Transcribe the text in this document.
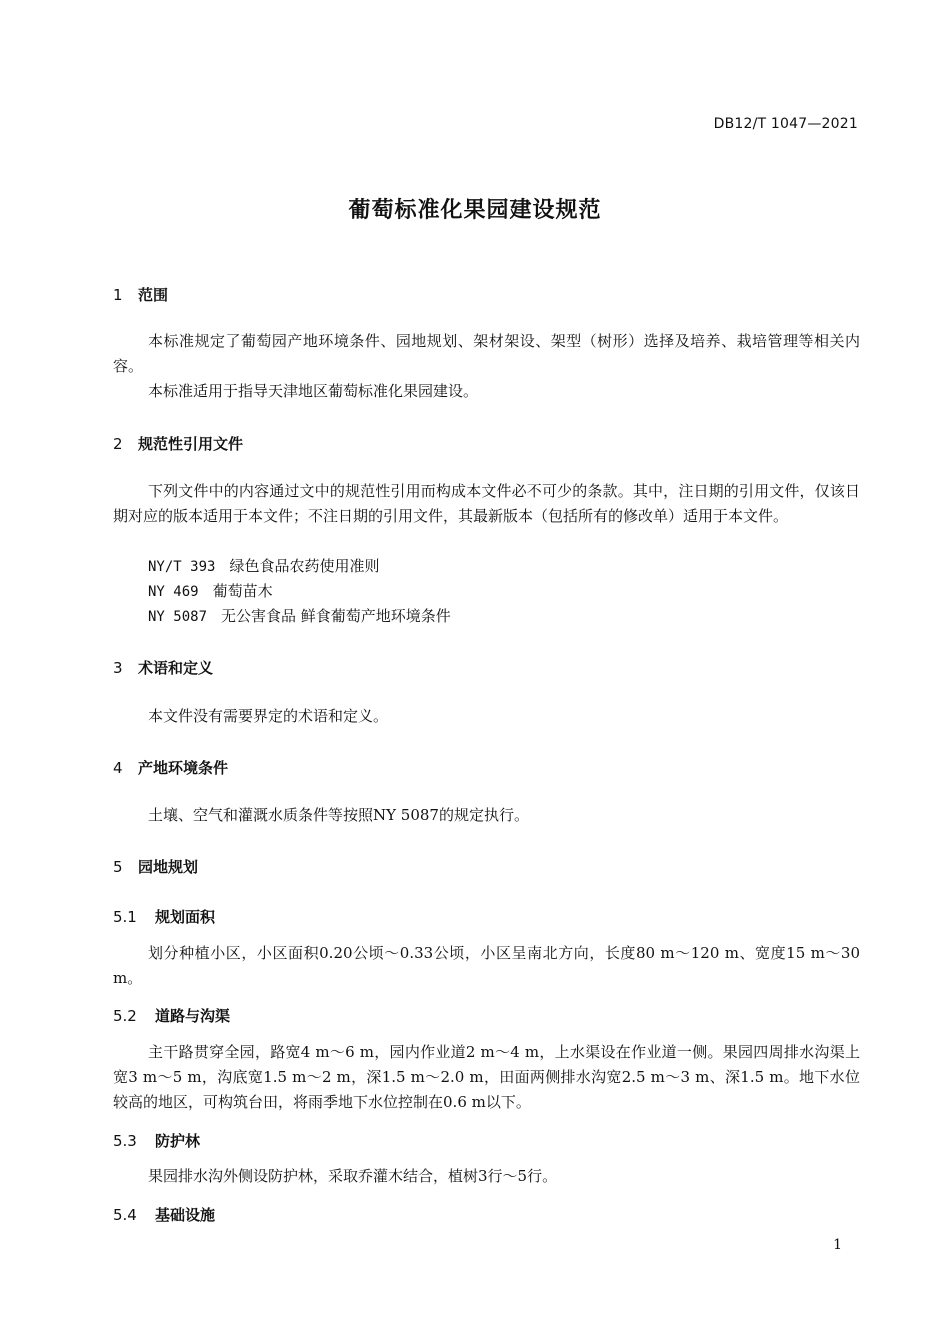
DB12/T 1047—2021
葡萄标准化果园建设规范
1 范围
本标准规定了葡萄园产地环境条件、园地规划、架材架设、架型（树形）选择及培养、栽培管理等相关内容。
本标准适用于指导天津地区葡萄标准化果园建设。
2 规范性引用文件
下列文件中的内容通过文中的规范性引用而构成本文件必不可少的条款。其中，注日期的引用文件，仅该日期对应的版本适用于本文件；不注日期的引用文件，其最新版本（包括所有的修改单）适用于本文件。
NY/T 393 绿色食品农药使用准则
NY 469 葡萄苗木
NY 5087 无公害食品 鲜食葡萄产地环境条件
3 术语和定义
本文件没有需要界定的术语和定义。
4 产地环境条件
土壤、空气和灌溉水质条件等按照NY 5087的规定执行。
5 园地规划
5.1 规划面积
划分种植小区，小区面积0.20公顷～0.33公顷，小区呈南北方向，长度80 m～120 m、宽度15 m～30 m。
5.2 道路与沟渠
主干路贯穿全园，路宽4 m～6 m，园内作业道2 m～4 m，上水渠设在作业道一侧。果园四周排水沟渠上宽3 m～5 m，沟底宽1.5 m～2 m，深1.5 m～2.0 m，田面两侧排水沟宽2.5 m～3 m、深1.5 m。地下水位较高的地区，可构筑台田，将雨季地下水位控制在0.6 m以下。
5.3 防护林
果园排水沟外侧设防护林，采取乔灌木结合，植树3行～5行。
5.4 基础设施
1
